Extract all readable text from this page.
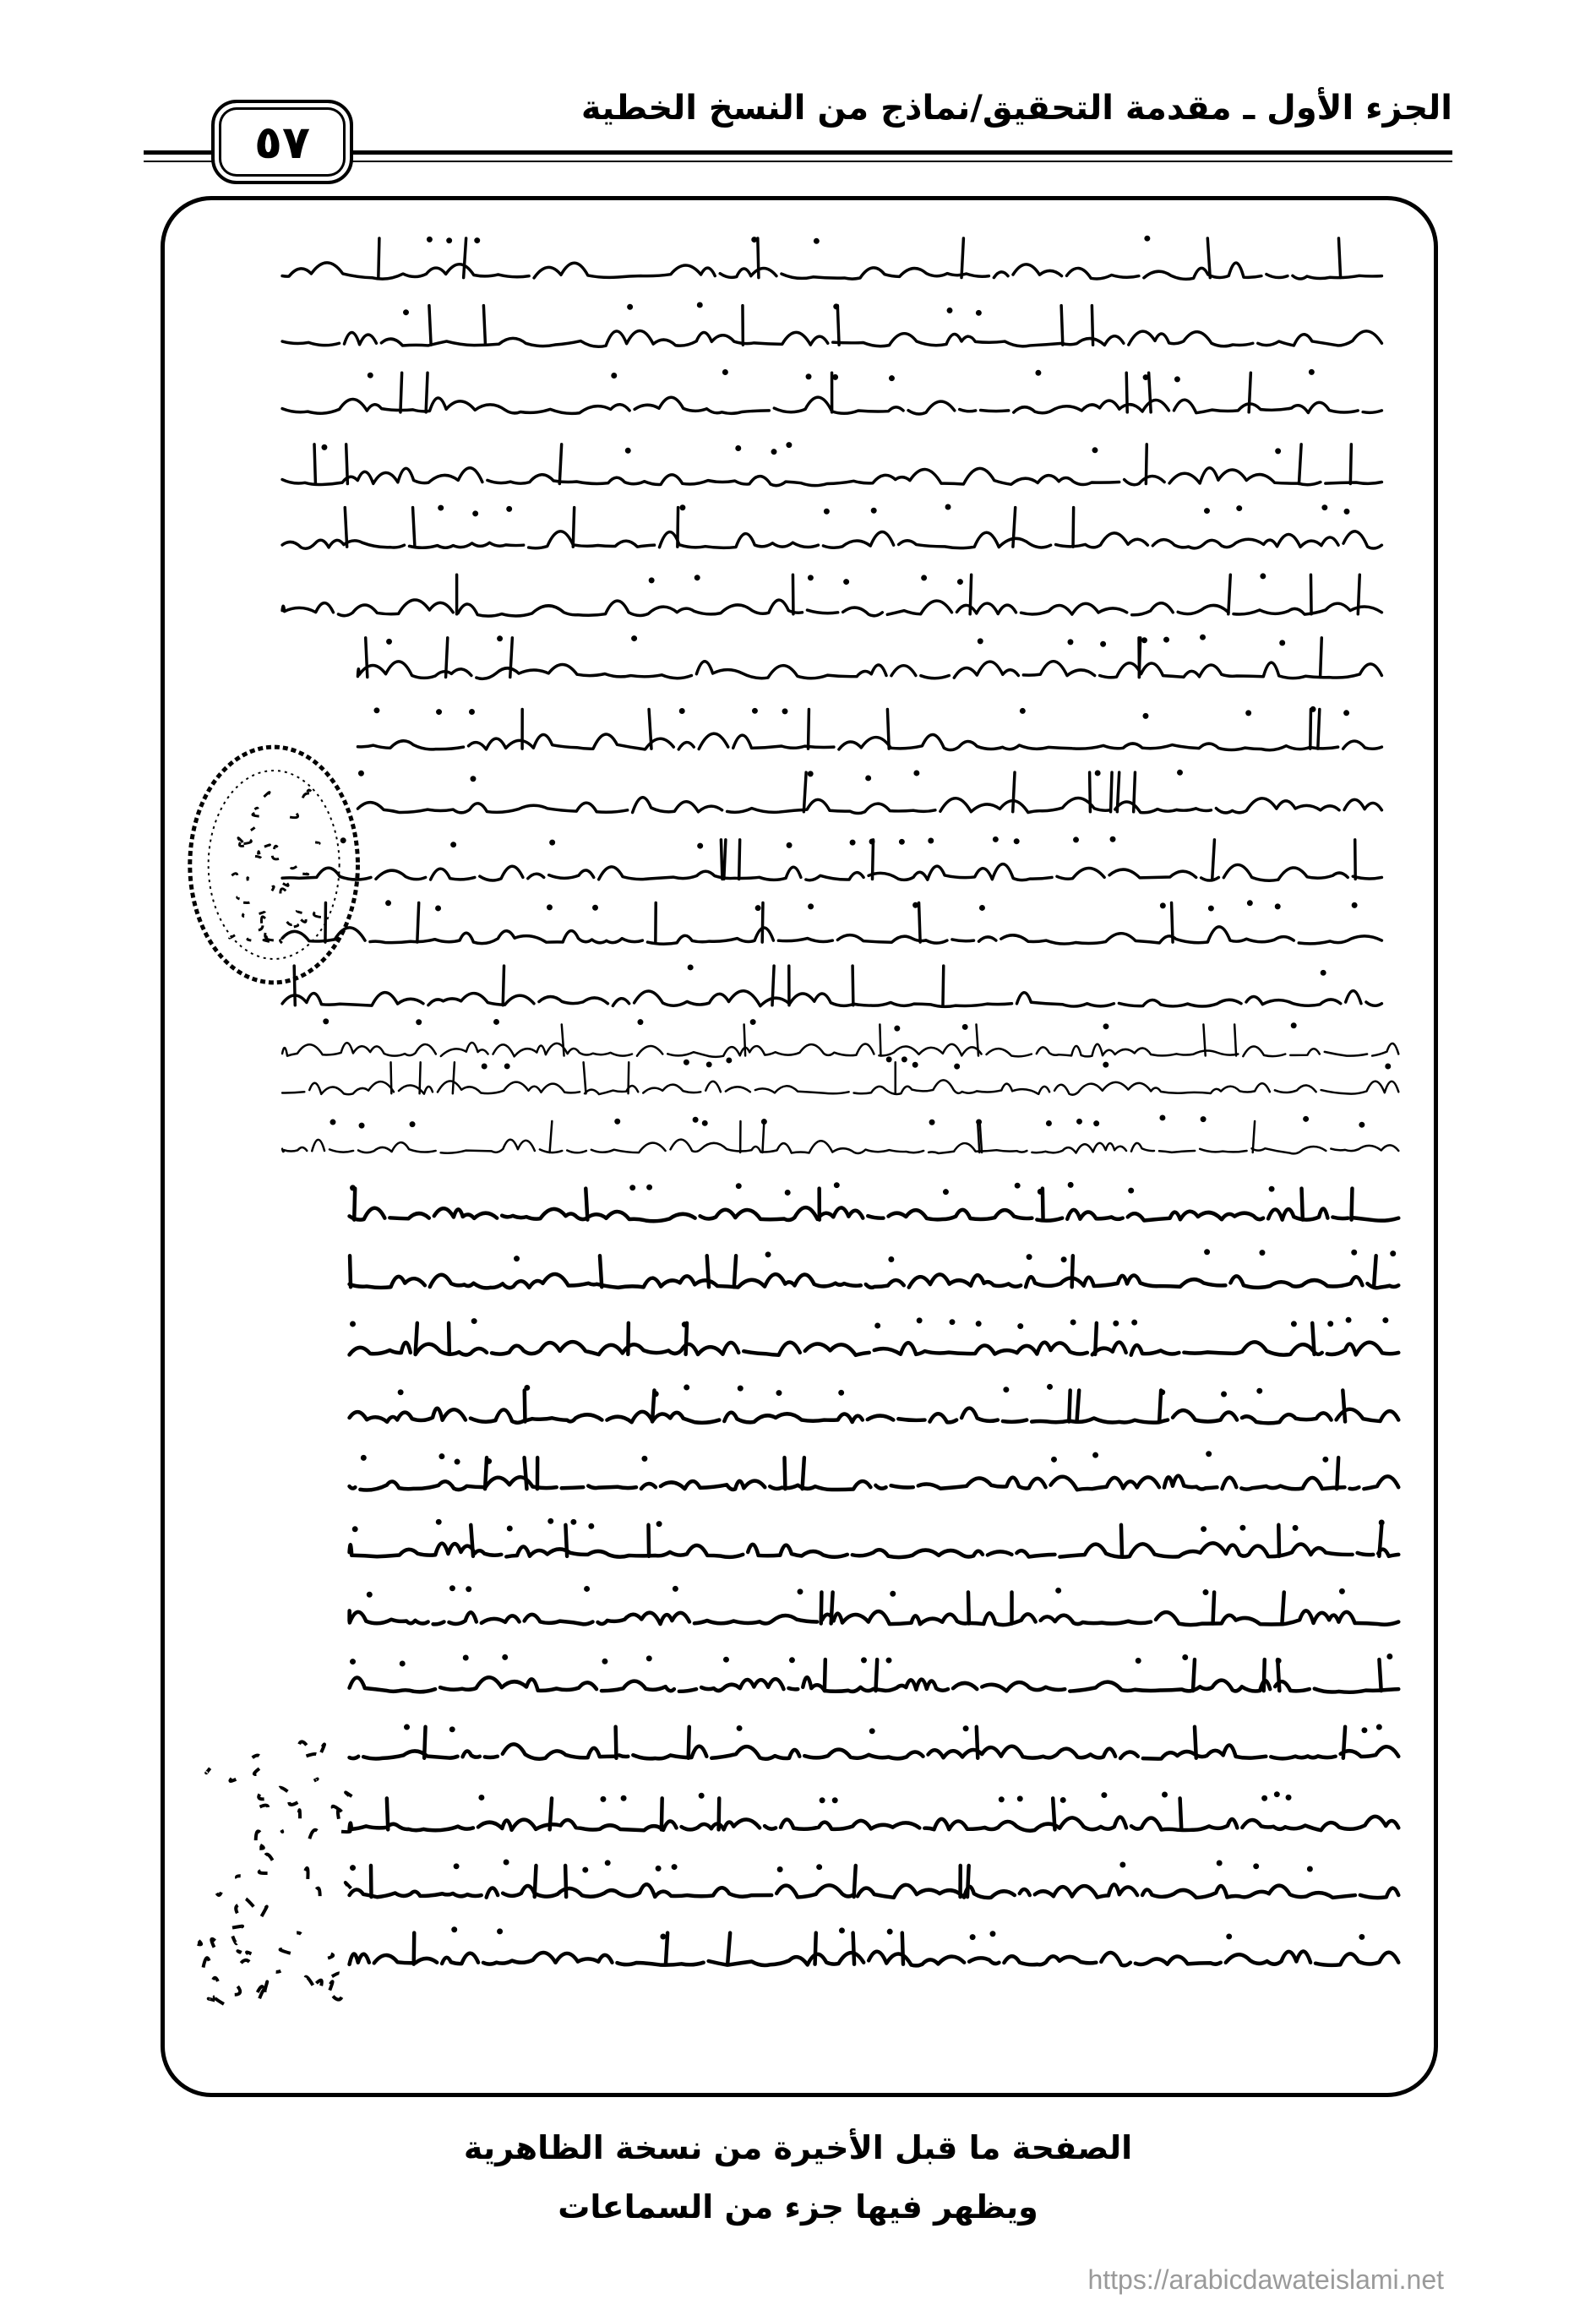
الجزء الأول ـ مقدمة التحقيق/نماذج من النسخ الخطية
٥٧
الصفحة ما قبل الأخيرة من نسخة الظاهرية
ويظهر فيها جزء من السماعات
https://arabicdawateislami.net
